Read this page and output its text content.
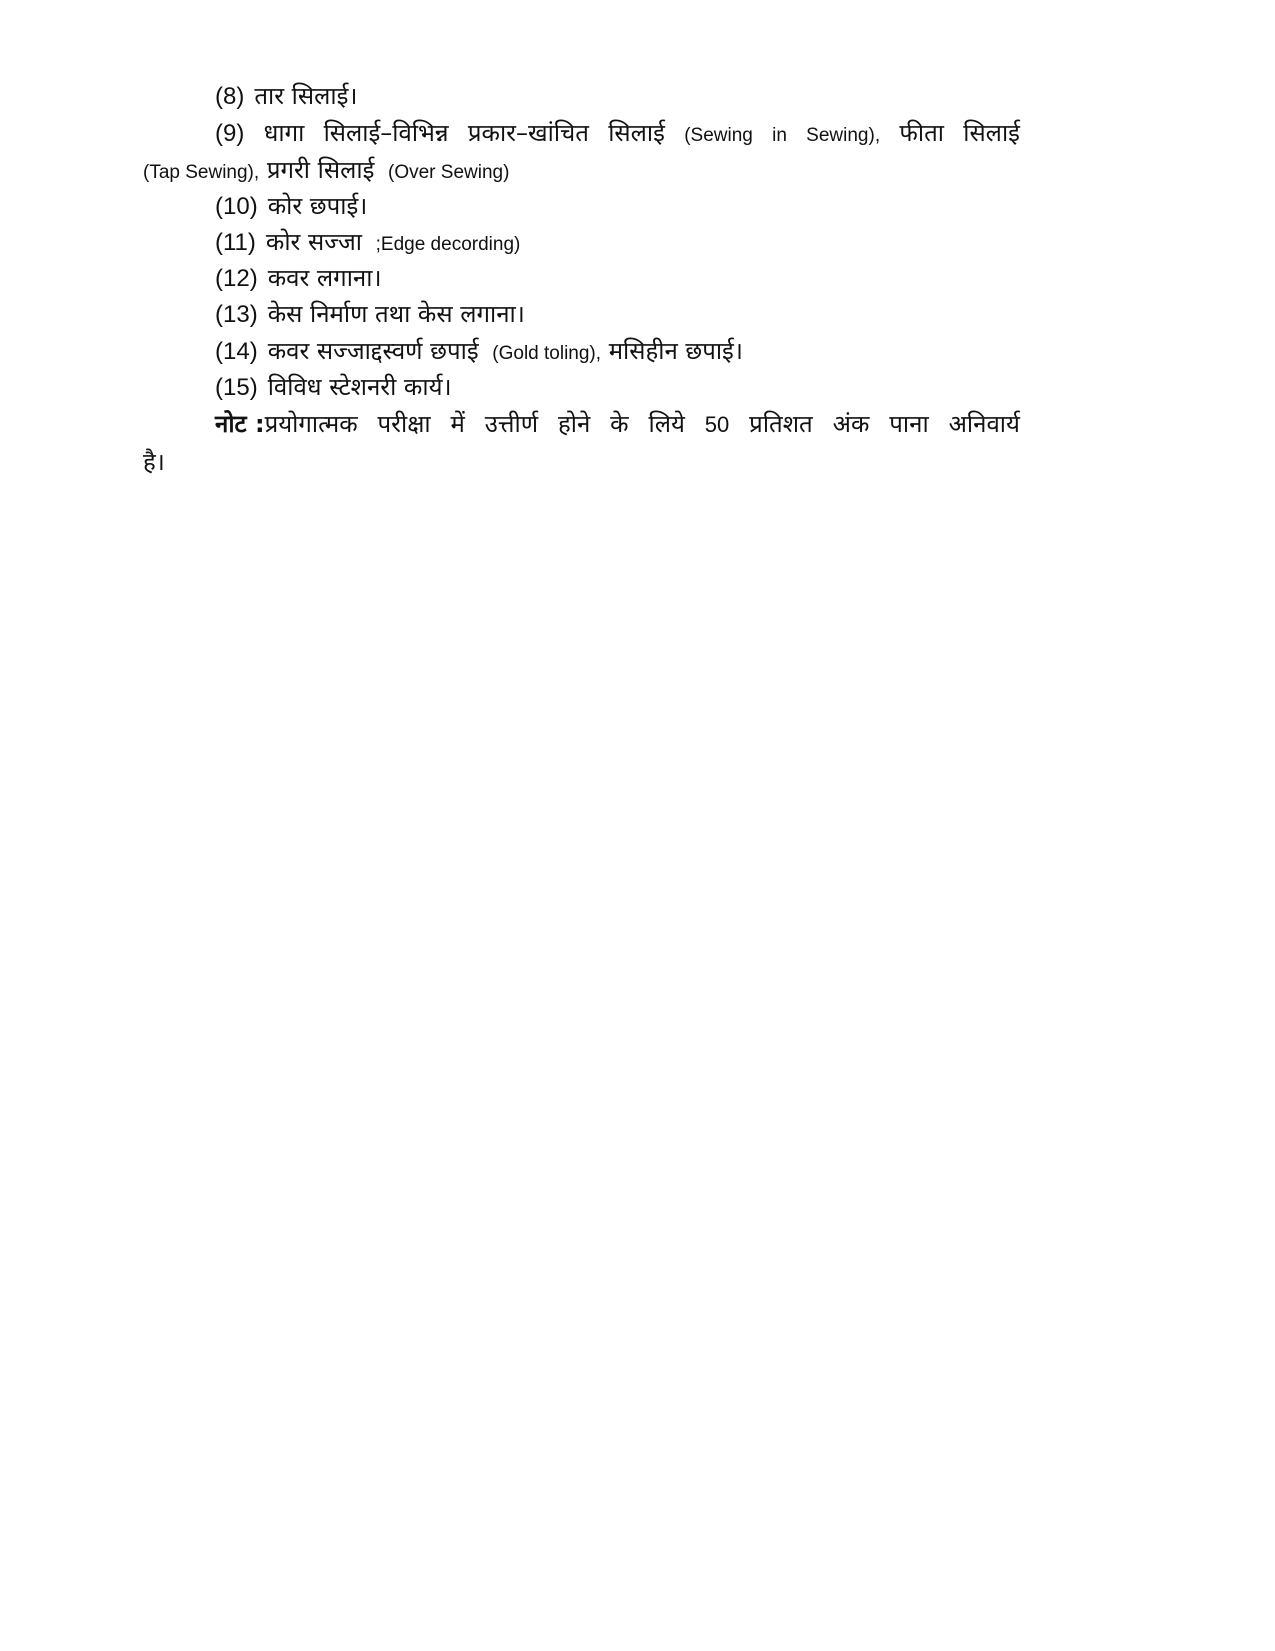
(8) तार सिलाई।
(9) धागा सिलाई–विभिन्न प्रकार–खांचित सिलाई (Sewing in Sewing), फीता सिलाई
(Tap Sewing), प्रगरी सिलाई (Over Sewing)
(10) कोर छपाई।
(11) कोर सज्जा ;Edge decording)
(12) कवर लगाना।
(13) केस निर्माण तथा केस लगाना।
(14) कवर सज्जाद्दस्वर्ण छपाई (Gold toling), मसिहीन छपाई।
(15) विविध स्टेशनरी कार्य।
नोट : प्रयोगात्मक परीक्षा में उत्तीर्ण होने के लिये 50 प्रतिशत अंक पाना अनिवार्य
है।
